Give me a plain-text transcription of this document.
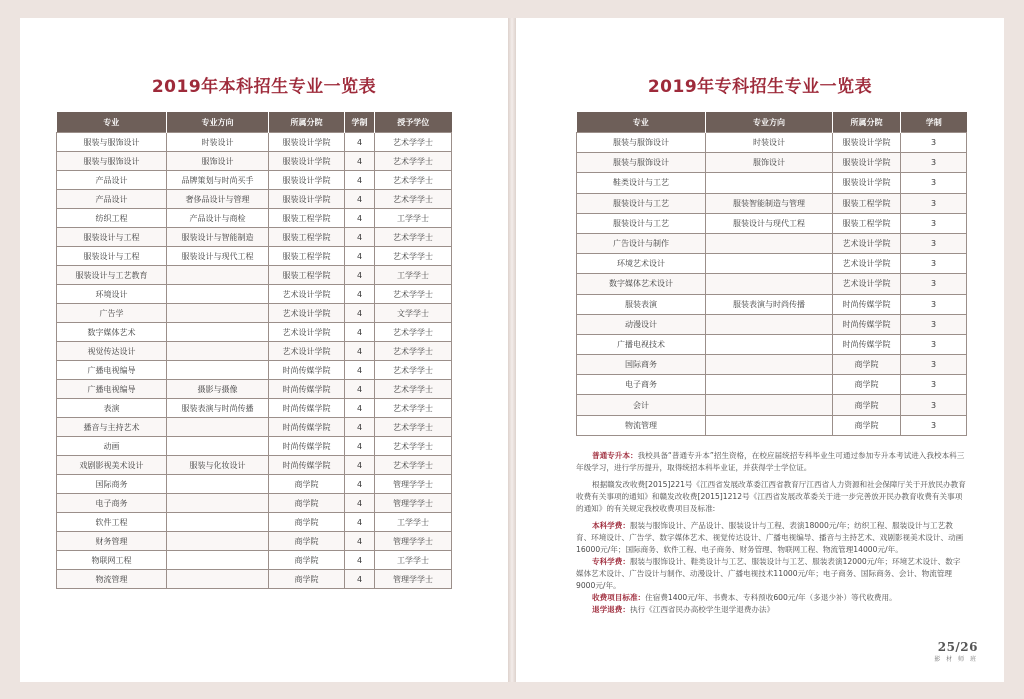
2019年本科招生专业一览表
专业	专业方向	所属分院	学制	授予学位
服装与服饰设计	时装设计	服装设计学院	4	艺术学学士
服装与服饰设计	服饰设计	服装设计学院	4	艺术学学士
产品设计	品牌策划与时尚买手	服装设计学院	4	艺术学学士
产品设计	奢侈品设计与管理	服装设计学院	4	艺术学学士
纺织工程	产品设计与商检	服装工程学院	4	工学学士
服装设计与工程	服装设计与智能制造	服装工程学院	4	艺术学学士
服装设计与工程	服装设计与现代工程	服装工程学院	4	艺术学学士
服装设计与工艺教育		服装工程学院	4	工学学士
环境设计		艺术设计学院	4	艺术学学士
广告学		艺术设计学院	4	文学学士
数字媒体艺术		艺术设计学院	4	艺术学学士
视觉传达设计		艺术设计学院	4	艺术学学士
广播电视编导		时尚传媒学院	4	艺术学学士
广播电视编导	摄影与摄像	时尚传媒学院	4	艺术学学士
表演	服装表演与时尚传播	时尚传媒学院	4	艺术学学士
播音与主持艺术		时尚传媒学院	4	艺术学学士
动画		时尚传媒学院	4	艺术学学士
戏剧影视美术设计	服装与化妆设计	时尚传媒学院	4	艺术学学士
国际商务		商学院	4	管理学学士
电子商务		商学院	4	管理学学士
软件工程		商学院	4	工学学士
财务管理		商学院	4	管理学学士
物联网工程		商学院	4	工学学士
物流管理		商学院	4	管理学学士
2019年专科招生专业一览表
专业	专业方向	所属分院	学制
服装与服饰设计	时装设计	服装设计学院	3
服装与服饰设计	服饰设计	服装设计学院	3
鞋类设计与工艺		服装设计学院	3
服装设计与工艺	服装智能制造与管理	服装工程学院	3
服装设计与工艺	服装设计与现代工程	服装工程学院	3
广告设计与制作		艺术设计学院	3
环境艺术设计		艺术设计学院	3
数字媒体艺术设计		艺术设计学院	3
服装表演	服装表演与时尚传播	时尚传媒学院	3
动漫设计		时尚传媒学院	3
广播电视技术		时尚传媒学院	3
国际商务		商学院	3
电子商务		商学院	3
会计		商学院	3
物流管理		商学院	3

普通专升本：我校具备“普通专升本”招生资格，在校应届统招专科毕业生可通过参加专升本考试进入我校本科三年级学习，进行学历提升，取得统招本科毕业证，并获得学士学位证。

根据赣发改收费[2015]221号《江西省发展改革委江西省教育厅江西省人力资源和社会保障厅关于开放民办教育收费有关事项的通知》和赣发改收费[2015]1212号《江西省发展改革委关于进一步完善放开民办教育收费有关事项的通知》的有关规定我校收费项目及标准:

本科学费：服装与服饰设计、产品设计、服装设计与工程、表演18000元/年；纺织工程、服装设计与工艺教育、环境设计、广告学、数字媒体艺术、视觉传达设计、广播电视编导、播音与主持艺术、戏剧影视美术设计、动画16000元/年；国际商务、软件工程、电子商务、财务管理、物联网工程、物流管理14000元/年。

专科学费：服装与服饰设计、鞋类设计与工艺、服装设计与工艺、服装表演12000元/年；环境艺术设计、数字媒体艺术设计、广告设计与制作、动漫设计、广播电视技术11000元/年；电子商务、国际商务、会计、物流管理9000元/年。

收费项目标准：住宿费1400元/年、书费本、专科预收600元/年（多退少补）等代收费用。

退学退费：执行《江西省民办高校学生退学退费办法》

25/26
影 材 师 班
